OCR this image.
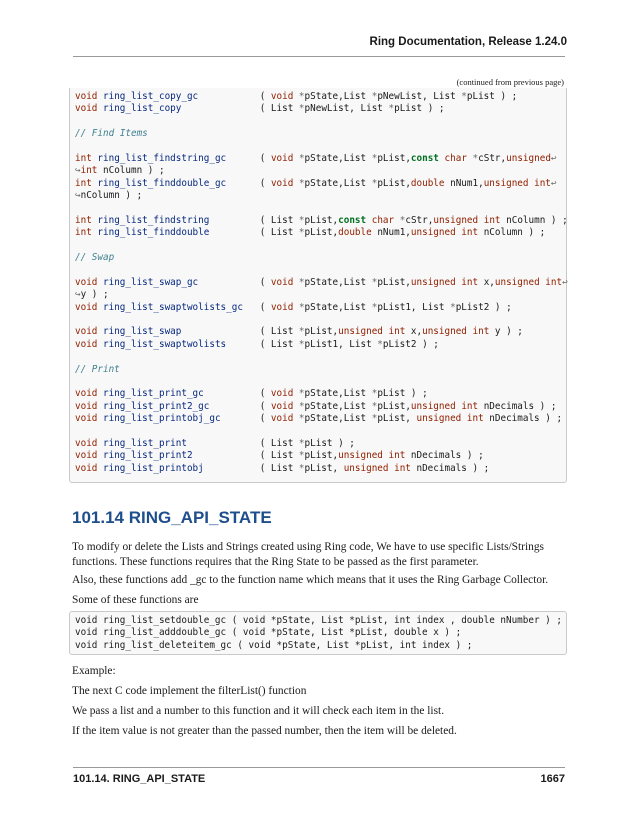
Ring Documentation, Release 1.24.0
(continued from previous page)
void ring_list_copy_gc           ( void *pState,List *pNewList, List *pList ) ;
void ring_list_copy              ( List *pNewList, List *pList ) ;
// Find Items
int ring_list_findstring_gc      ( void *pState,List *pList,const char *cStr,unsigned↩
↪int nColumn ) ;
int ring_list_finddouble_gc      ( void *pState,List *pList,double nNum1,unsigned int↩
↪nColumn ) ;
int ring_list_findstring         ( List *pList,const char *cStr,unsigned int nColumn ) ;
int ring_list_finddouble         ( List *pList,double nNum1,unsigned int nColumn ) ;
// Swap
void ring_list_swap_gc           ( void *pState,List *pList,unsigned int x,unsigned int↩
↪y ) ;
void ring_list_swaptwolists_gc   ( void *pState,List *pList1, List *pList2 ) ;
void ring_list_swap              ( List *pList,unsigned int x,unsigned int y ) ;
void ring_list_swaptwolists      ( List *pList1, List *pList2 ) ;
// Print
void ring_list_print_gc          ( void *pState,List *pList ) ;
void ring_list_print2_gc         ( void *pState,List *pList,unsigned int nDecimals ) ;
void ring_list_printobj_gc       ( void *pState,List *pList, unsigned int nDecimals ) ;
void ring_list_print             ( List *pList ) ;
void ring_list_print2            ( List *pList,unsigned int nDecimals ) ;
void ring_list_printobj          ( List *pList, unsigned int nDecimals ) ;
101.14 RING_API_STATE
To modify or delete the Lists and Strings created using Ring code, We have to use specific Lists/Strings functions. These functions requires that the Ring State to be passed as the first parameter.
Also, these functions add _gc to the function name which means that it uses the Ring Garbage Collector.
Some of these functions are
void ring_list_setdouble_gc ( void *pState, List *pList, int index , double nNumber ) ;
void ring_list_adddouble_gc ( void *pState, List *pList, double x ) ;
void ring_list_deleteitem_gc ( void *pState, List *pList, int index ) ;
Example:
The next C code implement the filterList() function
We pass a list and a number to this function and it will check each item in the list.
If the item value is not greater than the passed number, then the item will be deleted.
101.14. RING_API_STATE	1667
